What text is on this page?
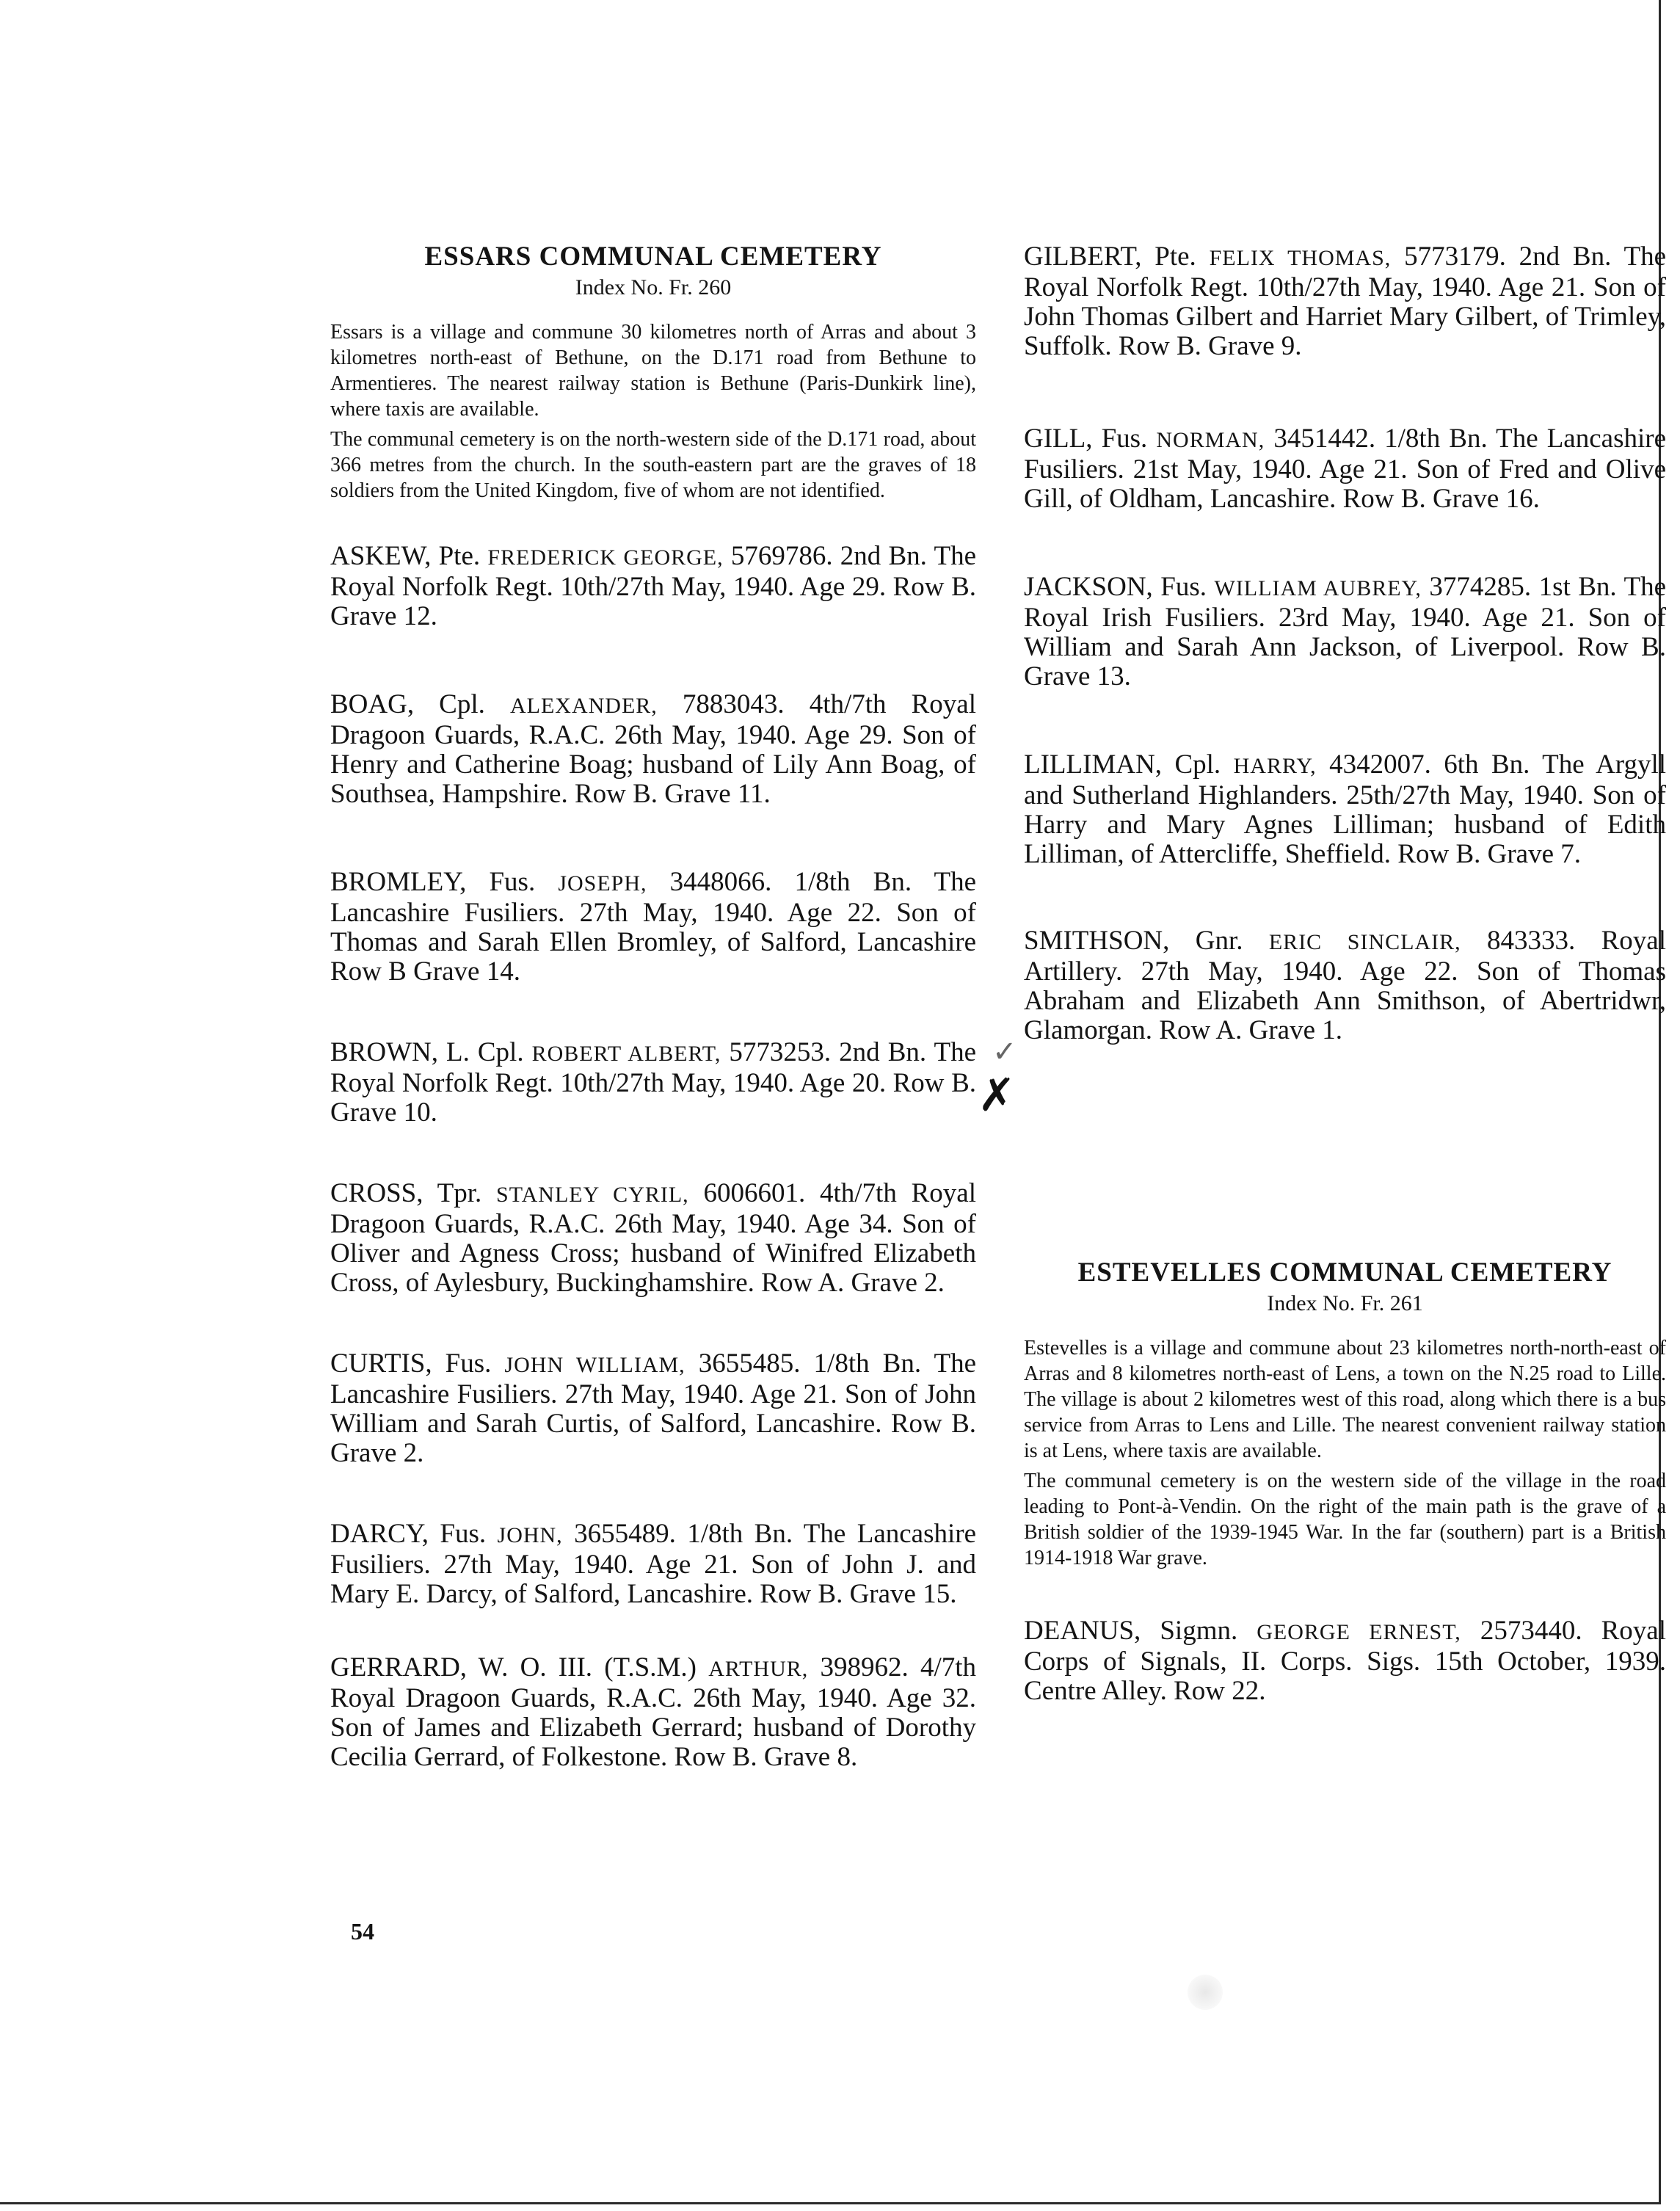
ESSARS COMMUNAL CEMETERY
Index No. Fr. 260

Essars is a village and commune 30 kilometres north of Arras and about 3 kilometres north-east of Bethune, on the D.171 road from Bethune to Armentieres. The nearest railway station is Bethune (Paris-Dunkirk line), where taxis are available.

The communal cemetery is on the north-western side of the D.171 road, about 366 metres from the church. In the south-eastern part are the graves of 18 soldiers from the United Kingdom, five of whom are not identified.

ASKEW, Pte. FREDERICK GEORGE, 5769786. 2nd Bn. The Royal Norfolk Regt. 10th/27th May, 1940. Age 29. Row B. Grave 12.

BOAG, Cpl. ALEXANDER, 7883043. 4th/7th Royal Dragoon Guards, R.A.C. 26th May, 1940. Age 29. Son of Henry and Catherine Boag; husband of Lily Ann Boag, of Southsea, Hampshire. Row B. Grave 11.

BROMLEY, Fus. JOSEPH, 3448066. 1/8th Bn. The Lancashire Fusiliers. 27th May, 1940. Age 22. Son of Thomas and Sarah Ellen Bromley, of Salford, Lancashire Row B Grave 14.

BROWN, L. Cpl. ROBERT ALBERT, 5773253. 2nd Bn. The Royal Norfolk Regt. 10th/27th May, 1940. Age 20. Row B. Grave 10.

CROSS, Tpr. STANLEY CYRIL, 6006601. 4th/7th Royal Dragoon Guards, R.A.C. 26th May, 1940. Age 34. Son of Oliver and Agness Cross; husband of Winifred Elizabeth Cross, of Aylesbury, Buckinghamshire. Row A. Grave 2.

CURTIS, Fus. JOHN WILLIAM, 3655485. 1/8th Bn. The Lancashire Fusiliers. 27th May, 1940. Age 21. Son of John William and Sarah Curtis, of Salford, Lancashire. Row B. Grave 2.

DARCY, Fus. JOHN, 3655489. 1/8th Bn. The Lancashire Fusiliers. 27th May, 1940. Age 21. Son of John J. and Mary E. Darcy, of Salford, Lancashire. Row B. Grave 15.

GERRARD, W. O. III. (T.S.M.) ARTHUR, 398962. 4/7th Royal Dragoon Guards, R.A.C. 26th May, 1940. Age 32. Son of James and Elizabeth Gerrard; husband of Dorothy Cecilia Gerrard, of Folkestone. Row B. Grave 8.

54

GILBERT, Pte. FELIX THOMAS, 5773179. 2nd Bn. The Royal Norfolk Regt. 10th/27th May, 1940. Age 21. Son of John Thomas Gilbert and Harriet Mary Gilbert, of Trimley, Suffolk. Row B. Grave 9.

GILL, Fus. NORMAN, 3451442. 1/8th Bn. The Lancashire Fusiliers. 21st May, 1940. Age 21. Son of Fred and Olive Gill, of Oldham, Lancashire. Row B. Grave 16.

JACKSON, Fus. WILLIAM AUBREY, 3774285. 1st Bn. The Royal Irish Fusiliers. 23rd May, 1940. Age 21. Son of William and Sarah Ann Jackson, of Liverpool. Row B. Grave 13.

LILLIMAN, Cpl. HARRY, 4342007. 6th Bn. The Argyll and Sutherland Highlanders. 25th/27th May, 1940. Son of Harry and Mary Agnes Lilliman; husband of Edith Lilliman, of Attercliffe, Sheffield. Row B. Grave 7.

SMITHSON, Gnr. ERIC SINCLAIR, 843333. Royal Artillery. 27th May, 1940. Age 22. Son of Thomas Abraham and Elizabeth Ann Smithson, of Abertridwr, Glamorgan. Row A. Grave 1.

ESTEVELLES COMMUNAL CEMETERY
Index No. Fr. 261

Estevelles is a village and commune about 23 kilometres north-north-east of Arras and 8 kilometres north-east of Lens, a town on the N.25 road to Lille. The village is about 2 kilometres west of this road, along which there is a bus service from Arras to Lens and Lille. The nearest convenient railway station is at Lens, where taxis are available.

The communal cemetery is on the western side of the village in the road leading to Pont-à-Vendin. On the right of the main path is the grave of a British soldier of the 1939-1945 War. In the far (southern) part is a British 1914-1918 War grave.

DEANUS, Sigmn. GEORGE ERNEST, 2573440. Royal Corps of Signals, II. Corps. Sigs. 15th October, 1939. Centre Alley. Row 22.

✓
✗
